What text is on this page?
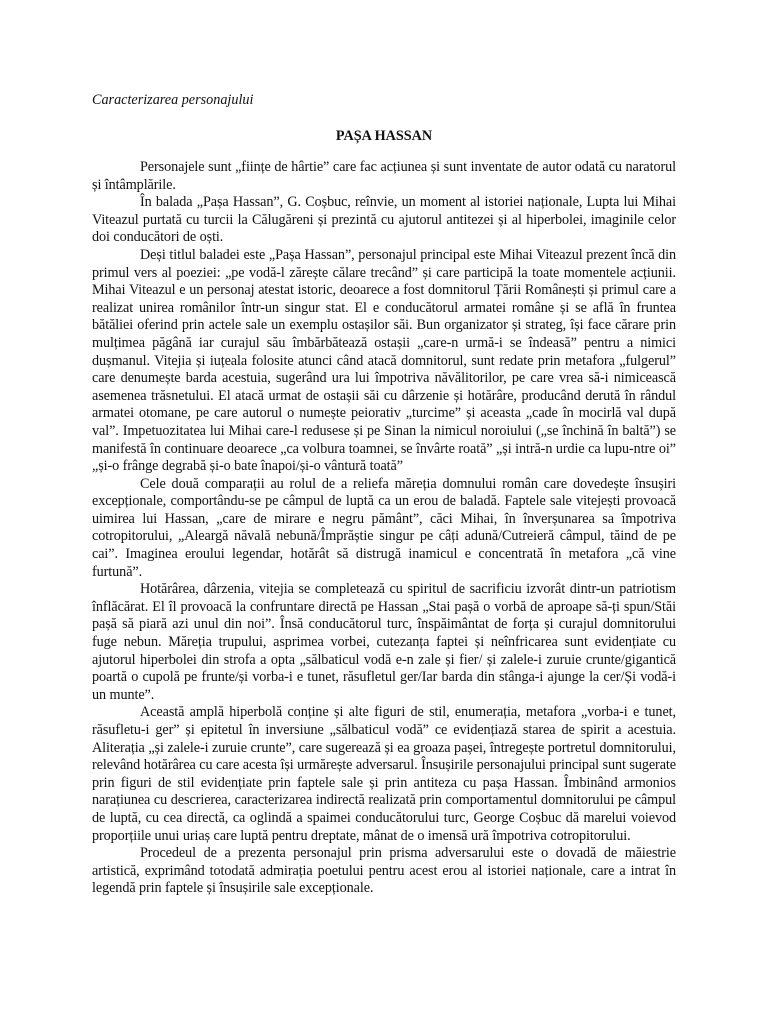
Caracterizarea personajului

PAȘA HASSAN

Personajele sunt „ființe de hârtie” care fac acțiunea și sunt inventate de autor odată cu naratorul și întâmplările.

În balada „Pașa Hassan”, G. Coșbuc, reînvie, un moment al istoriei naționale, Lupta lui Mihai Viteazul purtată cu turcii la Călugăreni și prezintă cu ajutorul antitezei și al hiperbolei, imaginile celor doi conducători de oști.

Deși titlul baladei este „Pașa Hassan”, personajul principal este Mihai Viteazul prezent încă din primul vers al poeziei: „pe vodă-l zărește călare trecând” și care participă la toate momentele acțiunii. Mihai Viteazul e un personaj atestat istoric, deoarece a fost domnitorul Țării Românești și primul care a realizat unirea românilor într-un singur stat. El e conducătorul armatei române și se află în fruntea bătăliei oferind prin actele sale un exemplu ostașilor săi. Bun organizator și strateg, își face cărare prin mulțimea păgână iar curajul său îmbărbătează ostașii „care-n urmă-i se îndeasă” pentru a nimici dușmanul. Vitejia și iuțeala folosite atunci când atacă domnitorul, sunt redate prin metafora „fulgerul” care denumește barda acestuia, sugerând ura lui împotriva năvălitorilor, pe care vrea să-i nimicească asemenea trăsnetului. El atacă urmat de ostașii săi cu dârzenie și hotărâre, producând derută în rândul armatei otomane, pe care autorul o numește peiorativ „turcime” și aceasta „cade în mocirlă val după val”. Impetuozitatea lui Mihai care-l redusese și pe Sinan la nimicul noroiului („se închină în baltă”) se manifestă în continuare deoarece „ca volbura toamnei, se învârte roată” „și intră-n urdie ca lupu-ntre oi” „și-o frânge degrabă și-o bate înapoi/și-o vântură toată”

Cele două comparații au rolul de a reliefa măreția domnului român care dovedește însușiri excepționale, comportându-se pe câmpul de luptă ca un erou de baladă. Faptele sale vitejești provoacă uimirea lui Hassan, „care de mirare e negru pământ”, căci Mihai, în înverșunarea sa împotriva cotropitorului, „Aleargă năvală nebună/Împrăștie singur pe câți adună/Cutreieră câmpul, tăind de pe cai”. Imaginea eroului legendar, hotărât să distrugă inamicul e concentrată în metafora „că vine furtună”.

Hotărârea, dârzenia, vitejia se completează cu spiritul de sacrificiu izvorât dintr-un patriotism înflăcărat. El îl provoacă la confruntare directă pe Hassan „Stai pașă o vorbă de aproape să-ți spun/Stăi pașă să piară azi unul din noi”. Însă conducătorul turc, înspăimântat de forța și curajul domnitorului fuge nebun. Măreția trupului, asprimea vorbei, cutezanța faptei și neînfricarea sunt evidențiate cu ajutorul hiperbolei din strofa a opta „sălbaticul vodă e-n zale și fier/ și zalele-i zuruie crunte/gigantică poartă o cupolă pe frunte/și vorba-i e tunet, răsufletul ger/Iar barda din stânga-i ajunge la cer/Și vodă-i un munte”.

Această amplă hiperbolă conține și alte figuri de stil, enumerația, metafora „vorba-i e tunet, răsufletu-i ger” și epitetul în inversiune „sălbaticul vodă” ce evidențiază starea de spirit a acestuia. Aliterația „și zalele-i zuruie crunte”, care sugerează și ea groaza pașei, întregește portretul domnitorului, relevând hotărârea cu care acesta își urmărește adversarul. Însușirile personajului principal sunt sugerate prin figuri de stil evidențiate prin faptele sale și prin antiteza cu pașa Hassan. Îmbinând armonios narațiunea cu descrierea, caracterizarea indirectă realizată prin comportamentul domnitorului pe câmpul de luptă, cu cea directă, ca oglindă a spaimei conducătorului turc, George Coșbuc dă marelui voievod proporțiile unui uriaș care luptă pentru dreptate, mânat de o imensă ură împotriva cotropitorului.

Procedeul de a prezenta personajul prin prisma adversarului este o dovadă de măiestrie artistică, exprimând totodată admirația poetului pentru acest erou al istoriei naționale, care a intrat în legendă prin faptele și însușirile sale excepționale.
